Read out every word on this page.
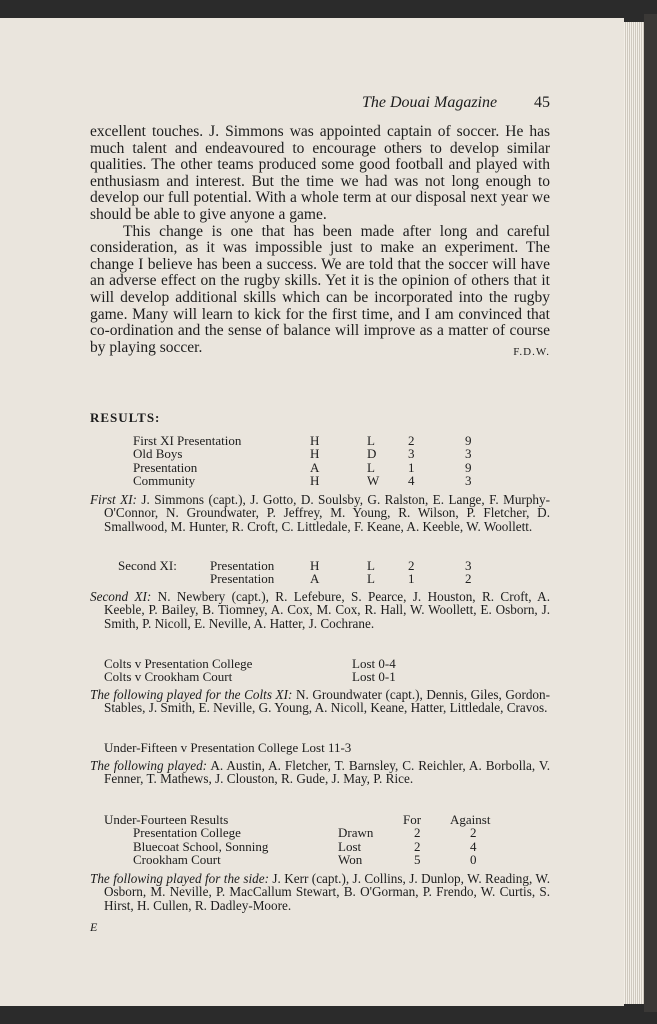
The Douai Magazine 45

excellent touches. J. Simmons was appointed captain of soccer. He has much talent and endeavoured to encourage others to develop similar qualities. The other teams produced some good football and played with enthusiasm and interest. But the time we had was not long enough to develop our full potential. With a whole term at our disposal next year we should be able to give anyone a game.

This change is one that has been made after long and careful consideration, as it was impossible just to make an experiment. The change I believe has been a success. We are told that the soccer will have an adverse effect on the rugby skills. Yet it is the opinion of others that it will develop additional skills which can be incorporated into the rugby game. Many will learn to kick for the first time, and I am convinced that co-ordination and the sense of balance will improve as a matter of course by playing soccer.	F.D.W.

RESULTS:
First XI Presentation	H	L	2	9
Old Boys	H	D 3	3
Presentation	A	L	1	9
Community	H	W 4	3

First XI: J. Simmons (capt.), J. Gotto, D. Soulsby, G. Ralston, E. Lange, F. Murphy-O'Connor, N. Groundwater, P. Jeffrey, M. Young, R. Wilson, P. Fletcher, D. Smallwood, M. Hunter, R. Croft, C. Littledale, F. Keane, A. Keeble, W. Woollett.

Second XI:	Presentation	H	L	2	3
Presentation	A	L	1	2

Second XI: N. Newbery (capt.), R. Lefebure, S. Pearce, J. Houston, R. Croft, A. Keeble, P. Bailey, B. Tiomney, A. Cox, M. Cox, R. Hall, W. Woollett, E. Osborn, J. Smith, P. Nicoll, E. Neville, A. Hatter, J. Cochrane.

Colts v Presentation College	Lost 0-4
Colts v Crookham Court	Lost 0-1

The following played for the Colts XI: N. Groundwater (capt.), Dennis, Giles, Gordon-Stables, J. Smith, E. Neville, G. Young, A. Nicoll, Keane, Hatter, Littledale, Cravos.

Under-Fifteen v Presentation College Lost 11-3

The following played: A. Austin, A. Fletcher, T. Barnsley, C. Reichler, A. Borbolla, V. Fenner, T. Mathews, J. Clouston, R. Gude, J. May, P. Rice.

Under-Fourteen Results	For Against
Presentation College	Drawn	2	2
Bluecoat School, Sonning	Lost	2	4
Crookham Court	Won	5	0

The following played for the side: J. Kerr (capt.), J. Collins, J. Dunlop, W. Reading, W. Osborn, M. Neville, P. MacCallum Stewart, B. O'Gorman, P. Frendo, W. Curtis, S. Hirst, H. Cullen, R. Dadley-Moore.

E
